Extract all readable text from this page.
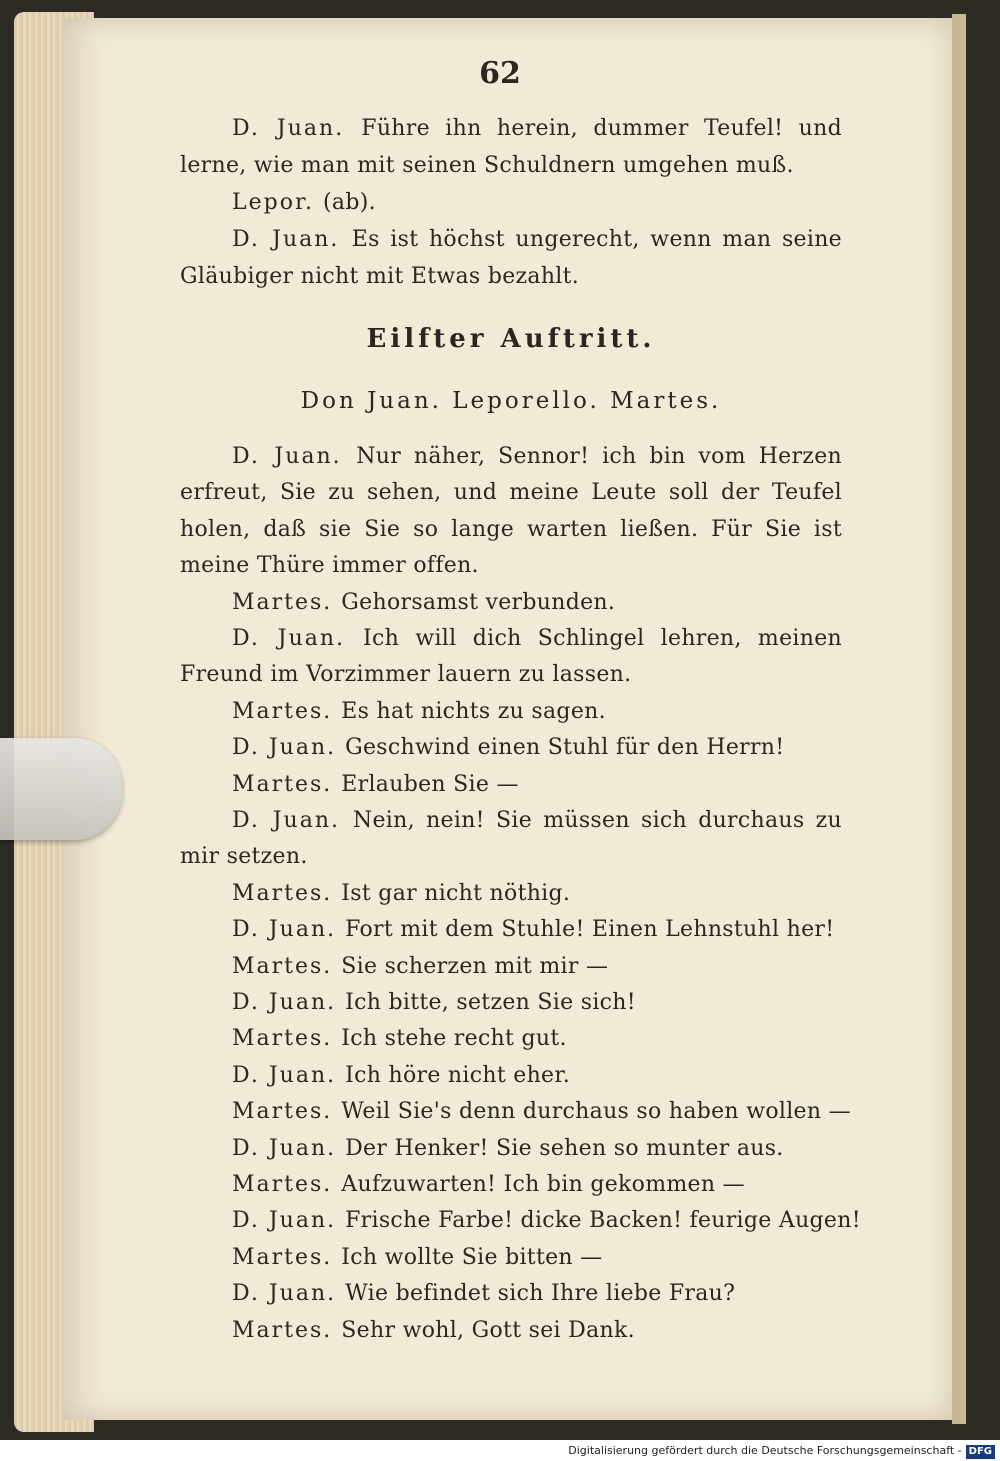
62
D. Juan. Führe ihn herein, dummer Teufel! und
lerne, wie man mit seinen Schuldnern umgehen muß.
Lepor. (ab).
D. Juan. Es ist höchst ungerecht, wenn man seine
Gläubiger nicht mit Etwas bezahlt.
Eilfter Auftritt.
Don Juan. Leporello. Martes.
D. Juan. Nur näher, Sennor! ich bin vom Herzen
erfreut, Sie zu sehen, und meine Leute soll der Teufel
holen, daß sie Sie so lange warten ließen. Für Sie ist
meine Thüre immer offen.
Martes. Gehorsamst verbunden.
D. Juan. Ich will dich Schlingel lehren, meinen
Freund im Vorzimmer lauern zu lassen.
Martes. Es hat nichts zu sagen.
D. Juan. Geschwind einen Stuhl für den Herrn!
Martes. Erlauben Sie —
D. Juan. Nein, nein! Sie müssen sich durchaus zu
mir setzen.
Martes. Ist gar nicht nöthig.
D. Juan. Fort mit dem Stuhle! Einen Lehnstuhl her!
Martes. Sie scherzen mit mir —
D. Juan. Ich bitte, setzen Sie sich!
Martes. Ich stehe recht gut.
D. Juan. Ich höre nicht eher.
Martes. Weil Sie's denn durchaus so haben wollen —
D. Juan. Der Henker! Sie sehen so munter aus.
Martes. Aufzuwarten! Ich bin gekommen —
D. Juan. Frische Farbe! dicke Backen! feurige Augen!
Martes. Ich wollte Sie bitten —
D. Juan. Wie befindet sich Ihre liebe Frau?
Martes. Sehr wohl, Gott sei Dank.
Digitalisierung gefördert durch die Deutsche Forschungsgemeinschaft - DFG
